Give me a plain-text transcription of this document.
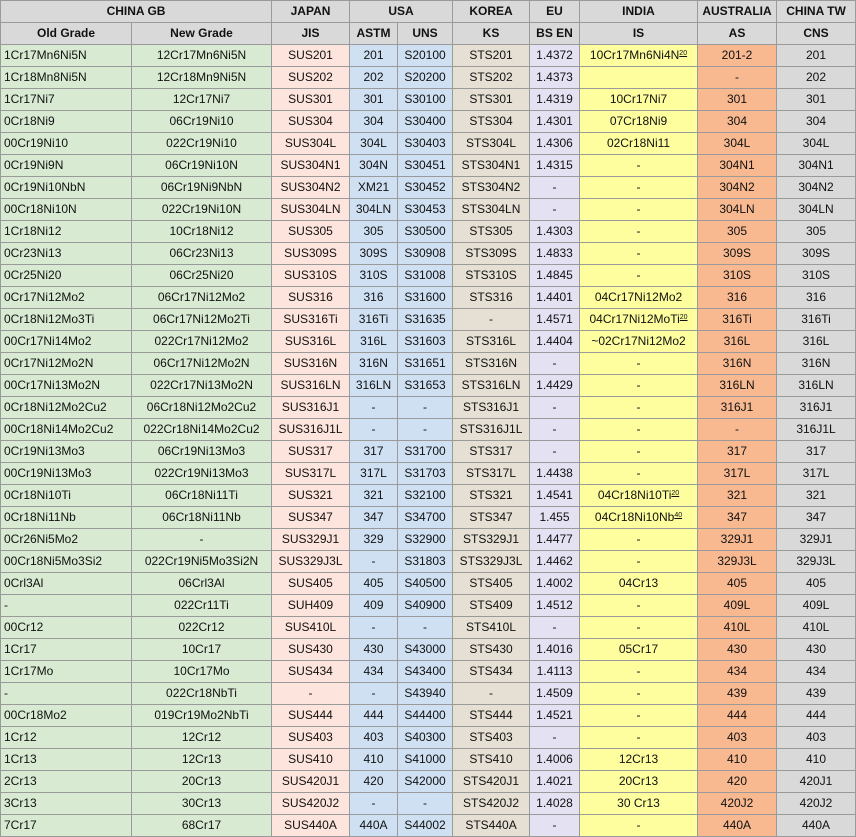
CHINA GB		JAPAN	USA		KOREA	EU	INDIA	AUSTRALIA	CHINA TW
Old Grade	New Grade	JIS	ASTM	UNS	KS	BS EN	IS	AS	CNS
1Cr17Mn6Ni5N	12Cr17Mn6Ni5N	SUS201	201	S20100	STS201	1.4372	$10Cr17Mn6Ni4N^{20}$	201-2	201
1Cr18Mn8Ni5N	12Cr18Mn9Ni5N	SUS202	202	S20200	STS202	1.4373		-	202
1Cr17Ni7	12Cr17Ni7	SUS301	301	S30100	STS301	1.4319	10Cr17Ni7	301	301
0Cr18Ni9	06Cr19Ni10	SUS304	304	S30400	STS304	1.4301	07Cr18Ni9	304	304
00Cr19Ni10	022Cr19Ni10	SUS304L	304L	S30403	STS304L	1.4306	02Cr18Ni11	304L	304L
0Cr19Ni9N	06Cr19Ni10N	SUS304N1	304N	S30451	STS304N1	1.4315	-	304N1	304N1
0Cr19Ni10NbN	06Cr19Ni9NbN	SUS304N2	XM21	S30452	STS304N2	-	-	304N2	304N2
00Cr18Ni10N	022Cr19Ni10N	SUS304LN	304LN	S30453	STS304LN	-	-	304LN	304LN
1Cr18Ni12	10Cr18Ni12	SUS305	305	S30500	STS305	1.4303	-	305	305
0Cr23Ni13	06Cr23Ni13	SUS309S	309S	S30908	STS309S	1.4833	-	309S	309S
0Cr25Ni20	06Cr25Ni20	SUS310S	310S	S31008	STS310S	1.4845	-	310S	310S
0Cr17Ni12Mo2	06Cr17Ni12Mo2	SUS316	316	S31600	STS316	1.4401	04Cr17Ni12Mo2	316	316
0Cr18Ni12Mo3Ti	06Cr17Ni12Mo2Ti	SUS316Ti	316Ti	S31635	-	1.4571	04Cr17Ni12MoTi$^{20}$	316Ti	316Ti
00Cr17Ni14Mo2	022Cr17Ni12Mo2	SUS316L	316L	S31603	STS316L	1.4404	~02Cr17Ni12Mo2	316L	316L
0Cr17Ni12Mo2N	06Cr17Ni12Mo2N	SUS316N	316N	S31651	STS316N	-	-	316N	316N
00Cr17Ni13Mo2N	022Cr17Ni13Mo2N	SUS316LN	316LN	S31653	STS316LN	1.4429	-	316LN	316LN
0Cr18Ni12Mo2Cu2	06Cr18Ni12Mo2Cu2	SUS316J1	-	-	STS316J1	-	-	316J1	316J1
00Cr18Ni14Mo2Cu2	022Cr18Ni14Mo2Cu2	SUS316J1L	-	-	STS316J1L	-	-	-	316J1L
0Cr19Ni13Mo3	06Cr19Ni13Mo3	SUS317	317	S31700	STS317	-	-	317	317
00Cr19Ni13Mo3	022Cr19Ni13Mo3	SUS317L	317L	S31703	STS317L	1.4438	-	317L	317L
0Cr18Ni10Ti	06Cr18Ni11Ti	SUS321	321	S32100	STS321	1.4541	04Cr18Ni10Ti$^{20}$	321	321
0Cr18Ni11Nb	06Cr18Ni11Nb	SUS347	347	S34700	STS347	1.455	04Cr18Ni10Nb$^{40}$	347	347
0Cr26Ni5Mo2	-	SUS329J1	329	S32900	STS329J1	1.4477	-	329J1	329J1
00Cr18Ni5Mo3Si2	022Cr19Ni5Mo3Si2N	SUS329J3L	-	S31803	STS329J3L	1.4462	-	329J3L	329J3L
0Crl3Al	06Crl3Al	SUS405	405	S40500	STS405	1.4002	04Cr13	405	405
-	022Cr11Ti	SUH409	409	S40900	STS409	1.4512	-	409L	409L
00Cr12	022Cr12	SUS410L	-	-	STS410L	-	-	410L	410L
1Cr17	10Cr17	SUS430	430	S43000	STS430	1.4016	05Cr17	430	430
1Cr17Mo	10Cr17Mo	SUS434	434	S43400	STS434	1.4113	-	434	434
-	022Cr18NbTi	-	-	S43940	-	1.4509	-	439	439
00Cr18Mo2	019Cr19Mo2NbTi	SUS444	444	S44400	STS444	1.4521	-	444	444
1Cr12	12Cr12	SUS403	403	S40300	STS403	-	-	403	403
1Cr13	12Cr13	SUS410	410	S41000	STS410	1.4006	12Cr13	410	410
2Cr13	20Cr13	SUS420J1	420	S42000	STS420J1	1.4021	20Cr13	420	420J1
3Cr13	30Cr13	SUS420J2	-	-	STS420J2	1.4028	30 Cr13	420J2	420J2
7Cr17	68Cr17	SUS440A	440A	S44002	STS440A	-	-	440A	440A
